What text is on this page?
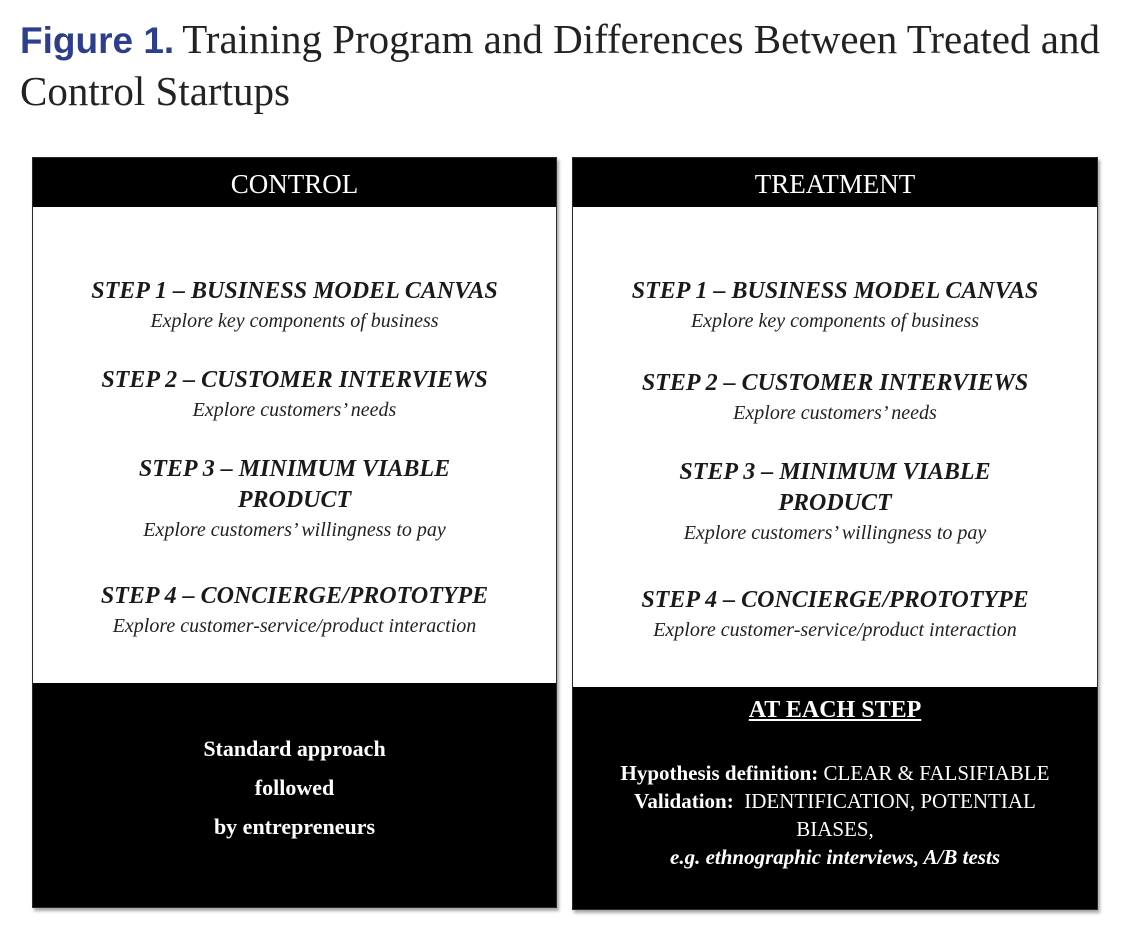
Figure 1. Training Program and Differences Between Treated and Control Startups
CONTROL
STEP 1 – BUSINESS MODEL CANVAS
Explore key components of business
STEP 2 – CUSTOMER INTERVIEWS
Explore customers’ needs
STEP 3 – MINIMUM VIABLE
PRODUCT
Explore customers’ willingness to pay
STEP 4 – CONCIERGE/PROTOTYPE
Explore customer-service/product interaction
Standard approach
followed
by entrepreneurs
TREATMENT
STEP 1 – BUSINESS MODEL CANVAS
Explore key components of business
STEP 2 – CUSTOMER INTERVIEWS
Explore customers’ needs
STEP 3 – MINIMUM VIABLE
PRODUCT
Explore customers’ willingness to pay
STEP 4 – CONCIERGE/PROTOTYPE
Explore customer-service/product interaction
AT EACH STEP
Hypothesis definition: CLEAR & FALSIFIABLE
Validation: IDENTIFICATION, POTENTIAL
BIASES,
e.g. ethnographic interviews, A/B tests
